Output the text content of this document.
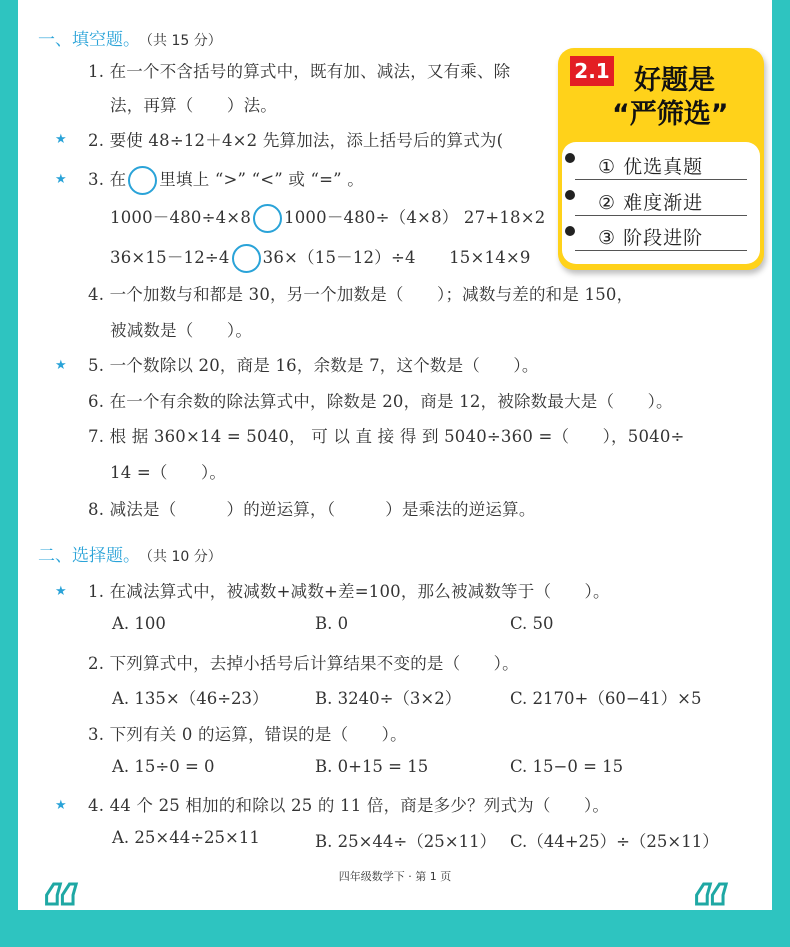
一、填空题。 （共 15 分）
1. 在一个不含括号的算式中，既有加、减法，又有乘、除
法，再算（　　）法。
★ 2. 要使 48÷12＋4×2 先算加法，添上括号后的算式为(
★ 3. 在 里填上 “>” “<” 或 “=” 。
1000－480÷4×8 1000－480÷（4×8） 27+18×2
36×15－12÷4 36×（15－12）÷4　　15×14×9
4. 一个加数与和都是 30，另一个加数是（　　）；减数与差的和是 150，
被减数是（　　）。
★ 5. 一个数除以 20，商是 16，余数是 7，这个数是（　　）。
6. 在一个有余数的除法算式中，除数是 20，商是 12，被除数最大是（　　）。
7. 根 据 360×14 = 5040， 可 以 直 接 得 到 5040÷360 =（　　），5040÷
14 =（　　）。
8. 减法是（　　　）的逆运算，（　　　）是乘法的逆运算。
二、选择题。 （共 10 分）
★ 1. 在减法算式中，被减数+减数+差=100，那么被减数等于（　　）。
A. 100	B. 0	C. 50
2. 下列算式中，去掉小括号后计算结果不变的是（　　）。
A. 135×（46÷23）	B. 3240÷（3×2）	C. 2170+（60−41）×5
3. 下列有关 0 的运算，错误的是（　　）。
A. 15÷0 = 0	B. 0+15 = 15	C. 15−0 = 15
★ 4. 44 个 25 相加的和除以 25 的 11 倍，商是多少？列式为（　　）。
A. 25×44÷25×11	B. 25×44÷（25×11） C.（44+25）÷（25×11）
四年级数学下 · 第 1 页
“	“
2.1 好题是
“严筛选”
① 优选真题
② 难度渐进
③ 阶段进阶
